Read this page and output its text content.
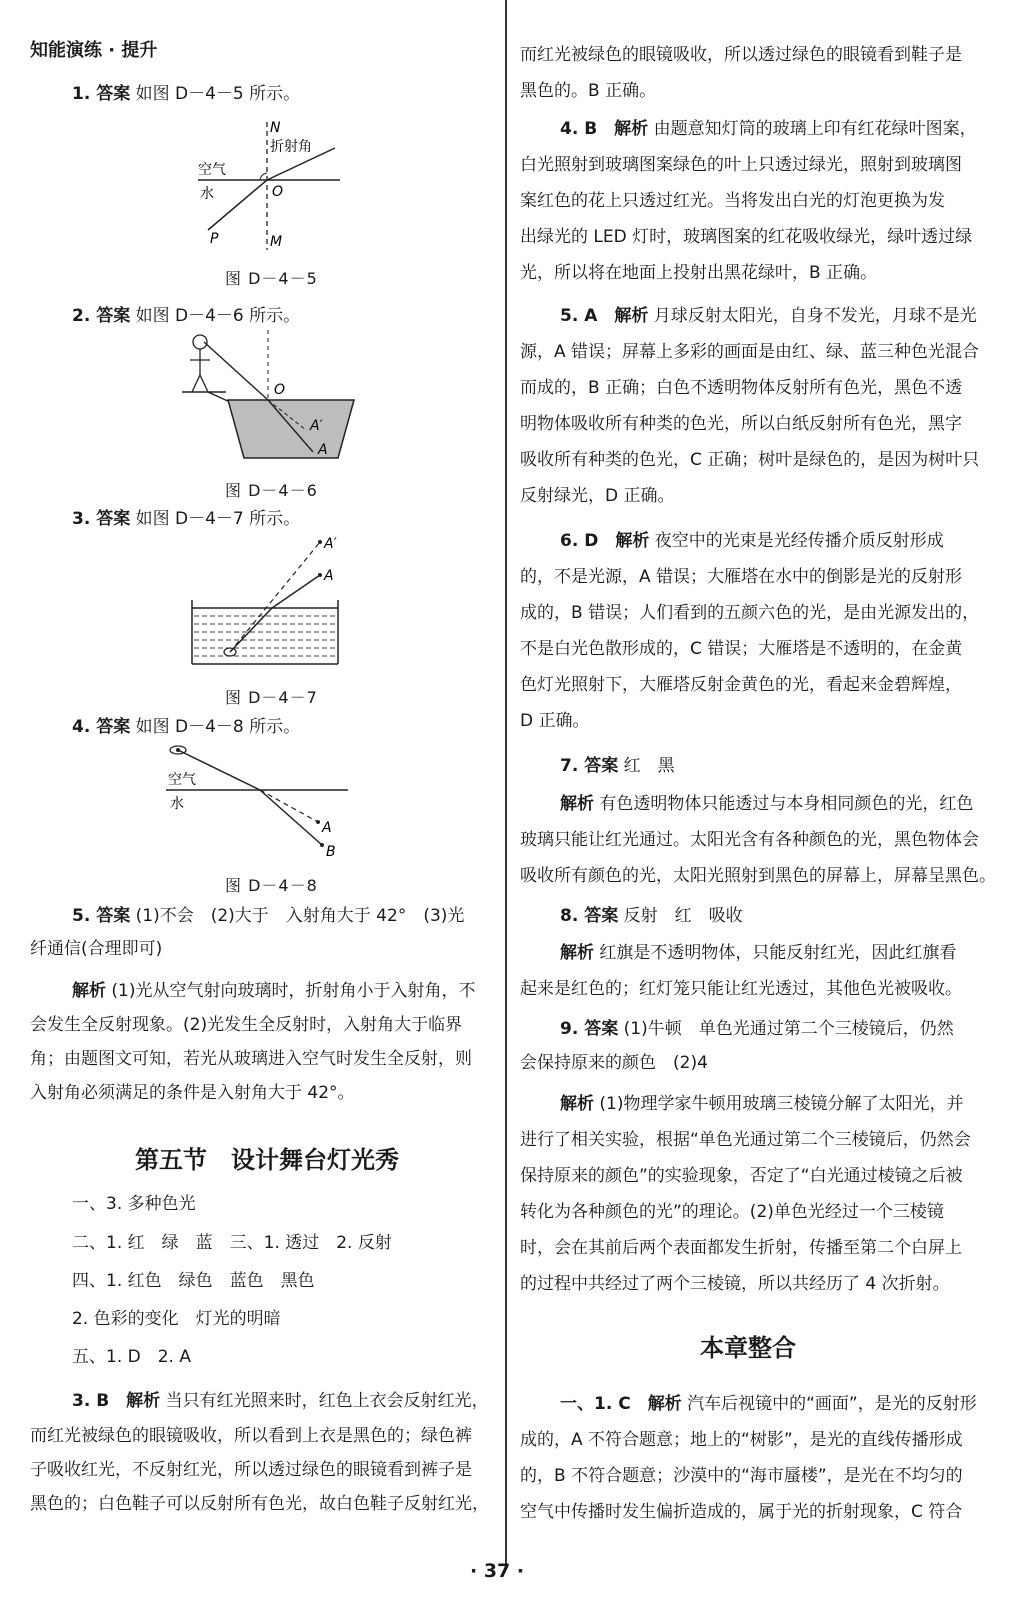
知能演练 · 提升
1. 答案 如图 D－4－5 所示。
N
折射角
空气
水	O
P	M
图 D－4－5
2. 答案 如图 D－4－6 所示。
O
A′
A
图 D－4－6
3. 答案 如图 D－4－7 所示。
A′
A
图 D－4－7
4. 答案 如图 D－4－8 所示。
空气
水
A
B
图 D－4－8
5. 答案 (1)不会　(2)大于　入射角大于 42°　(3)光
纤通信(合理即可)
解析 (1)光从空气射向玻璃时，折射角小于入射角，不
会发生全反射现象。(2)光发生全反射时，入射角大于临界
角；由题图文可知，若光从玻璃进入空气时发生全反射，则
入射角必须满足的条件是入射角大于 42°。
第五节　设计舞台灯光秀
一、3. 多种色光
二、1. 红　绿　蓝　三、1. 透过　2. 反射
四、1. 红色　绿色　蓝色　黑色
2. 色彩的变化　灯光的明暗
五、1. D　2. A
3. B　 解析 当只有红光照来时，红色上衣会反射红光，
而红光被绿色的眼镜吸收，所以看到上衣是黑色的；绿色裤
子吸收红光，不反射红光，所以透过绿色的眼镜看到裤子是
黑色的；白色鞋子可以反射所有色光，故白色鞋子反射红光，
而红光被绿色的眼镜吸收，所以透过绿色的眼镜看到鞋子是
黑色的。B 正确。
4. B　 解析 由题意知灯筒的玻璃上印有红花绿叶图案，
白光照射到玻璃图案绿色的叶上只透过绿光，照射到玻璃图
案红色的花上只透过红光。当将发出白光的灯泡更换为发
出绿光的 LED 灯时，玻璃图案的红花吸收绿光，绿叶透过绿
光，所以将在地面上投射出黑花绿叶，B 正确。
5. A　 解析 月球反射太阳光，自身不发光，月球不是光
源，A 错误；屏幕上多彩的画面是由红、绿、蓝三种色光混合
而成的，B 正确；白色不透明物体反射所有色光，黑色不透
明物体吸收所有种类的色光，所以白纸反射所有色光，黑字
吸收所有种类的色光，C 正确；树叶是绿色的，是因为树叶只
反射绿光，D 正确。
6. D　 解析 夜空中的光束是光经传播介质反射形成
的，不是光源，A 错误；大雁塔在水中的倒影是光的反射形
成的，B 错误；人们看到的五颜六色的光，是由光源发出的，
不是白光色散形成的，C 错误；大雁塔是不透明的，在金黄
色灯光照射下，大雁塔反射金黄色的光，看起来金碧辉煌，
D 正确。
7. 答案 红　黑
解析 有色透明物体只能透过与本身相同颜色的光，红色
玻璃只能让红光通过。太阳光含有各种颜色的光，黑色物体会
吸收所有颜色的光，太阳光照射到黑色的屏幕上，屏幕呈黑色。
8. 答案 反射　红　吸收
解析 红旗是不透明物体，只能反射红光，因此红旗看
起来是红色的；红灯笼只能让红光透过，其他色光被吸收。
9. 答案 (1)牛顿　单色光通过第二个三棱镜后，仍然
会保持原来的颜色　(2)4
解析 (1)物理学家牛顿用玻璃三棱镜分解了太阳光，并
进行了相关实验，根据“单色光通过第二个三棱镜后，仍然会
保持原来的颜色”的实验现象，否定了“白光通过棱镜之后被
转化为各种颜色的光”的理论。(2)单色光经过一个三棱镜
时，会在其前后两个表面都发生折射，传播至第二个白屏上
的过程中共经过了两个三棱镜，所以共经历了 4 次折射。
本章整合
一、1. C　 解析 汽车后视镜中的“画面”，是光的反射形
成的，A 不符合题意；地上的“树影”，是光的直线传播形成
的，B 不符合题意；沙漠中的“海市蜃楼”，是光在不均匀的
空气中传播时发生偏折造成的，属于光的折射现象，C 符合
· 37 ·
